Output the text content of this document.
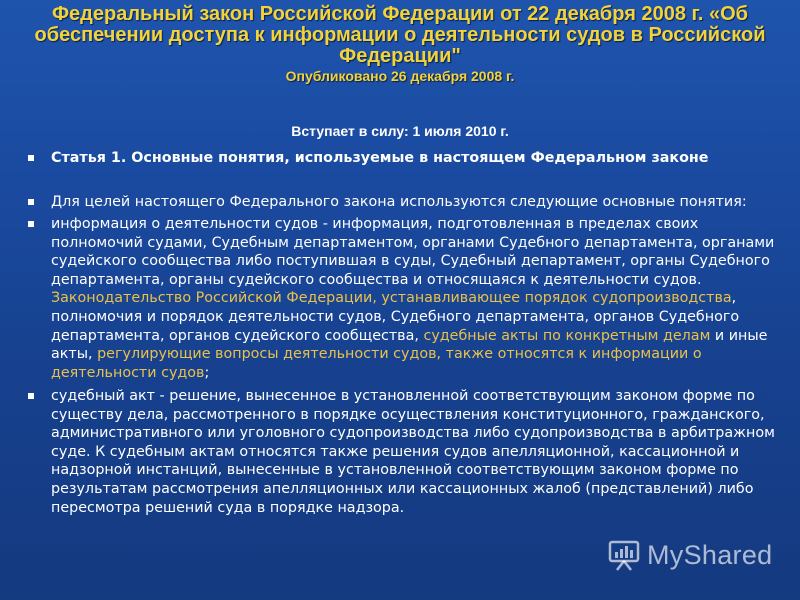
Федеральный закон Российской Федерации от 22 декабря 2008 г. «Об обеспечении доступа к информации о деятельности судов в Российской Федерации"
Опубликовано 26 декабря 2008 г.
Вступает в силу: 1 июля 2010 г.
Статья 1. Основные понятия, используемые в настоящем Федеральном законе
Для целей настоящего Федерального закона используются следующие основные понятия:
информация о деятельности судов - информация, подготовленная в пределах своих полномочий судами, Судебным департаментом, органами Судебного департамента, органами судейского сообщества либо поступившая в суды, Судебный департамент, органы Судебного департамента, органы судейского сообщества и относящаяся к деятельности судов. Законодательство Российской Федерации, устанавливающее порядок судопроизводства, полномочия и порядок деятельности судов, Судебного департамента, органов Судебного департамента, органов судейского сообщества, судебные акты по конкретным делам и иные акты, регулирующие вопросы деятельности судов, также относятся к информации о деятельности судов;
судебный акт - решение, вынесенное в установленной соответствующим законом форме по существу дела, рассмотренного в порядке осуществления конституционного, гражданского, административного или уголовного судопроизводства либо судопроизводства в арбитражном суде. К судебным актам относятся также решения судов апелляционной, кассационной и надзорной инстанций, вынесенные в установленной соответствующим законом форме по результатам рассмотрения апелляционных или кассационных жалоб (представлений) либо пересмотра решений суда в порядке надзора.
MyShared
